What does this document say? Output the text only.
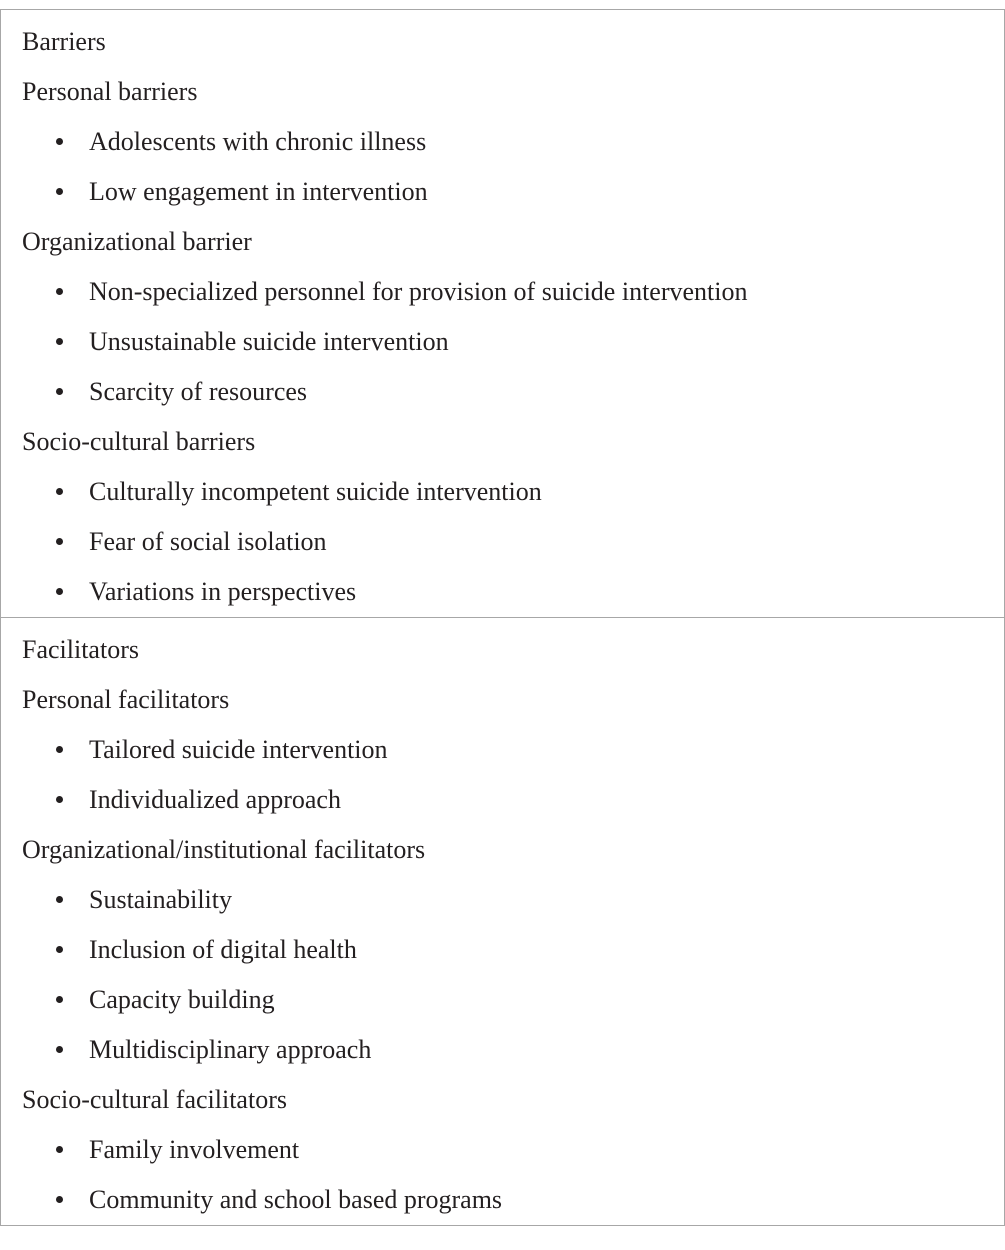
Barriers
Personal barriers
Adolescents with chronic illness
Low engagement in intervention
Organizational barrier
Non-specialized personnel for provision of suicide intervention
Unsustainable suicide intervention
Scarcity of resources
Socio-cultural barriers
Culturally incompetent suicide intervention
Fear of social isolation
Variations in perspectives
Facilitators
Personal facilitators
Tailored suicide intervention
Individualized approach
Organizational/institutional facilitators
Sustainability
Inclusion of digital health
Capacity building
Multidisciplinary approach
Socio-cultural facilitators
Family involvement
Community and school based programs
